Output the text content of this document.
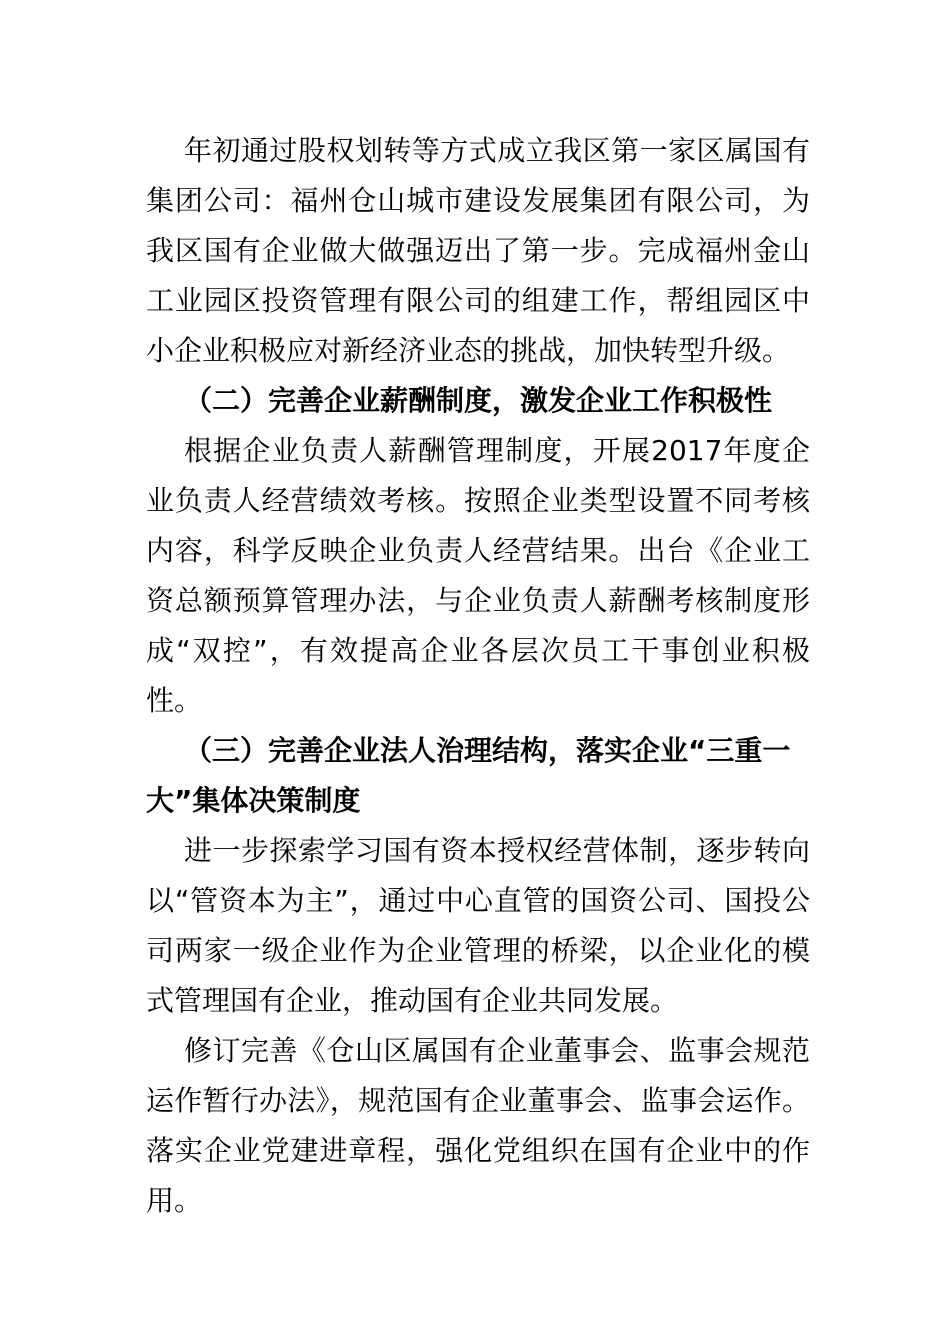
年初通过股权划转等方式成立我区第一家区属国有集团公司：福州仓山城市建设发展集团有限公司，为我区国有企业做大做强迈出了第一步。完成福州金山工业园区投资管理有限公司的组建工作，帮组园区中小企业积极应对新经济业态的挑战，加快转型升级。

（二）完善企业薪酬制度，激发企业工作积极性

根据企业负责人薪酬管理制度，开展2017年度企业负责人经营绩效考核。按照企业类型设置不同考核内容，科学反映企业负责人经营结果。出台《企业工资总额预算管理办法，与企业负责人薪酬考核制度形成“双控”，有效提高企业各层次员工干事创业积极性。

（三）完善企业法人治理结构，落实企业“三重一大”集体决策制度

进一步探索学习国有资本授权经营体制，逐步转向以“管资本为主”，通过中心直管的国资公司、国投公司两家一级企业作为企业管理的桥梁，以企业化的模式管理国有企业，推动国有企业共同发展。

修订完善《仓山区属国有企业董事会、监事会规范运作暂行办法》，规范国有企业董事会、监事会运作。落实企业党建进章程，强化党组织在国有企业中的作用。
